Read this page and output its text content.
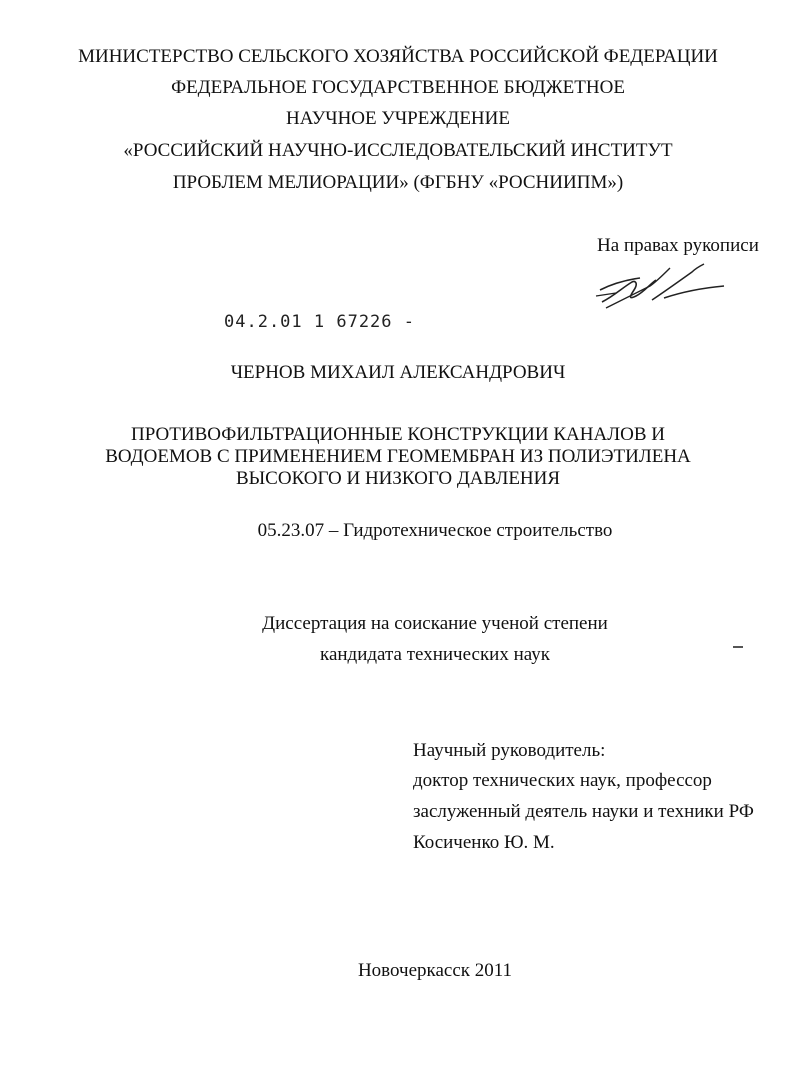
МИНИСТЕРСТВО СЕЛЬСКОГО ХОЗЯЙСТВА РОССИЙСКОЙ ФЕДЕРАЦИИ
ФЕДЕРАЛЬНОЕ ГОСУДАРСТВЕННОЕ БЮДЖЕТНОЕ
НАУЧНОЕ УЧРЕЖДЕНИЕ
«РОССИЙСКИЙ НАУЧНО-ИССЛЕДОВАТЕЛЬСКИЙ ИНСТИТУТ
ПРОБЛЕМ МЕЛИОРАЦИИ» (ФГБНУ «РОСНИИПМ»)
На правах рукописи
04.2.01 1 67226 -
ЧЕРНОВ МИХАИЛ АЛЕКСАНДРОВИЧ
ПРОТИВОФИЛЬТРАЦИОННЫЕ КОНСТРУКЦИИ КАНАЛОВ И
ВОДОЕМОВ С ПРИМЕНЕНИЕМ ГЕОМЕМБРАН ИЗ ПОЛИЭТИЛЕНА
ВЫСОКОГО И НИЗКОГО ДАВЛЕНИЯ
05.23.07 – Гидротехническое строительство
Диссертация на соискание ученой степени
кандидата технических наук
Научный руководитель:
доктор технических наук, профессор
заслуженный деятель науки и техники РФ
Косиченко Ю. М.
Новочеркасск 2011
